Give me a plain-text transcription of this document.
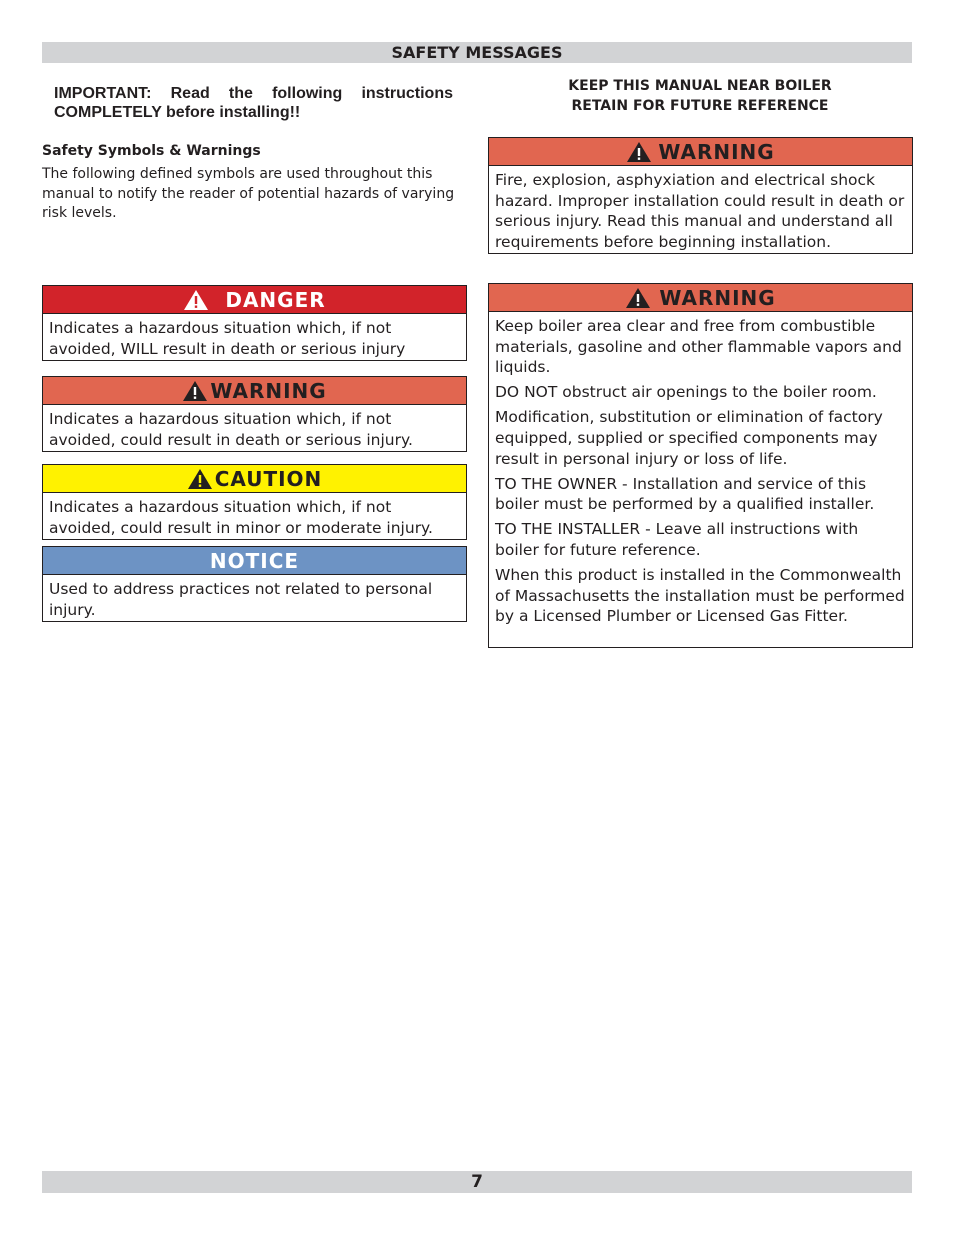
SAFETY MESSAGES
IMPORTANT: Read the following instructions COMPLETELY before installing!!
KEEP THIS MANUAL NEAR BOILER
RETAIN FOR FUTURE REFERENCE
Safety Symbols & Warnings
The following defined symbols are used throughout this manual to notify the reader of potential hazards of varying risk levels.
WARNING
Fire, explosion, asphyxiation and electrical shock hazard. Improper installation could result in death or serious injury. Read this manual and understand all requirements before beginning installation.
DANGER
Indicates a hazardous situation which, if not avoided, WILL result in death or serious injury
WARNING
Indicates a hazardous situation which, if not avoided, could result in death or serious injury.
CAUTION
Indicates a hazardous situation which, if not avoided, could result in minor or moderate injury.
NOTICE
Used to address practices not related to personal injury.
WARNING

Keep boiler area clear and free from combustible materials, gasoline and other flammable vapors and liquids.

DO NOT obstruct air openings to the boiler room.

Modification, substitution or elimination of factory equipped, supplied or specified components may result in personal injury or loss of life.

TO THE OWNER - Installation and service of this boiler must be performed by a qualified installer.

TO THE INSTALLER - Leave all instructions with boiler for future reference.

When this product is installed in the Commonwealth of Massachusetts the installation must be performed by a Licensed Plumber or Licensed Gas Fitter.

7
